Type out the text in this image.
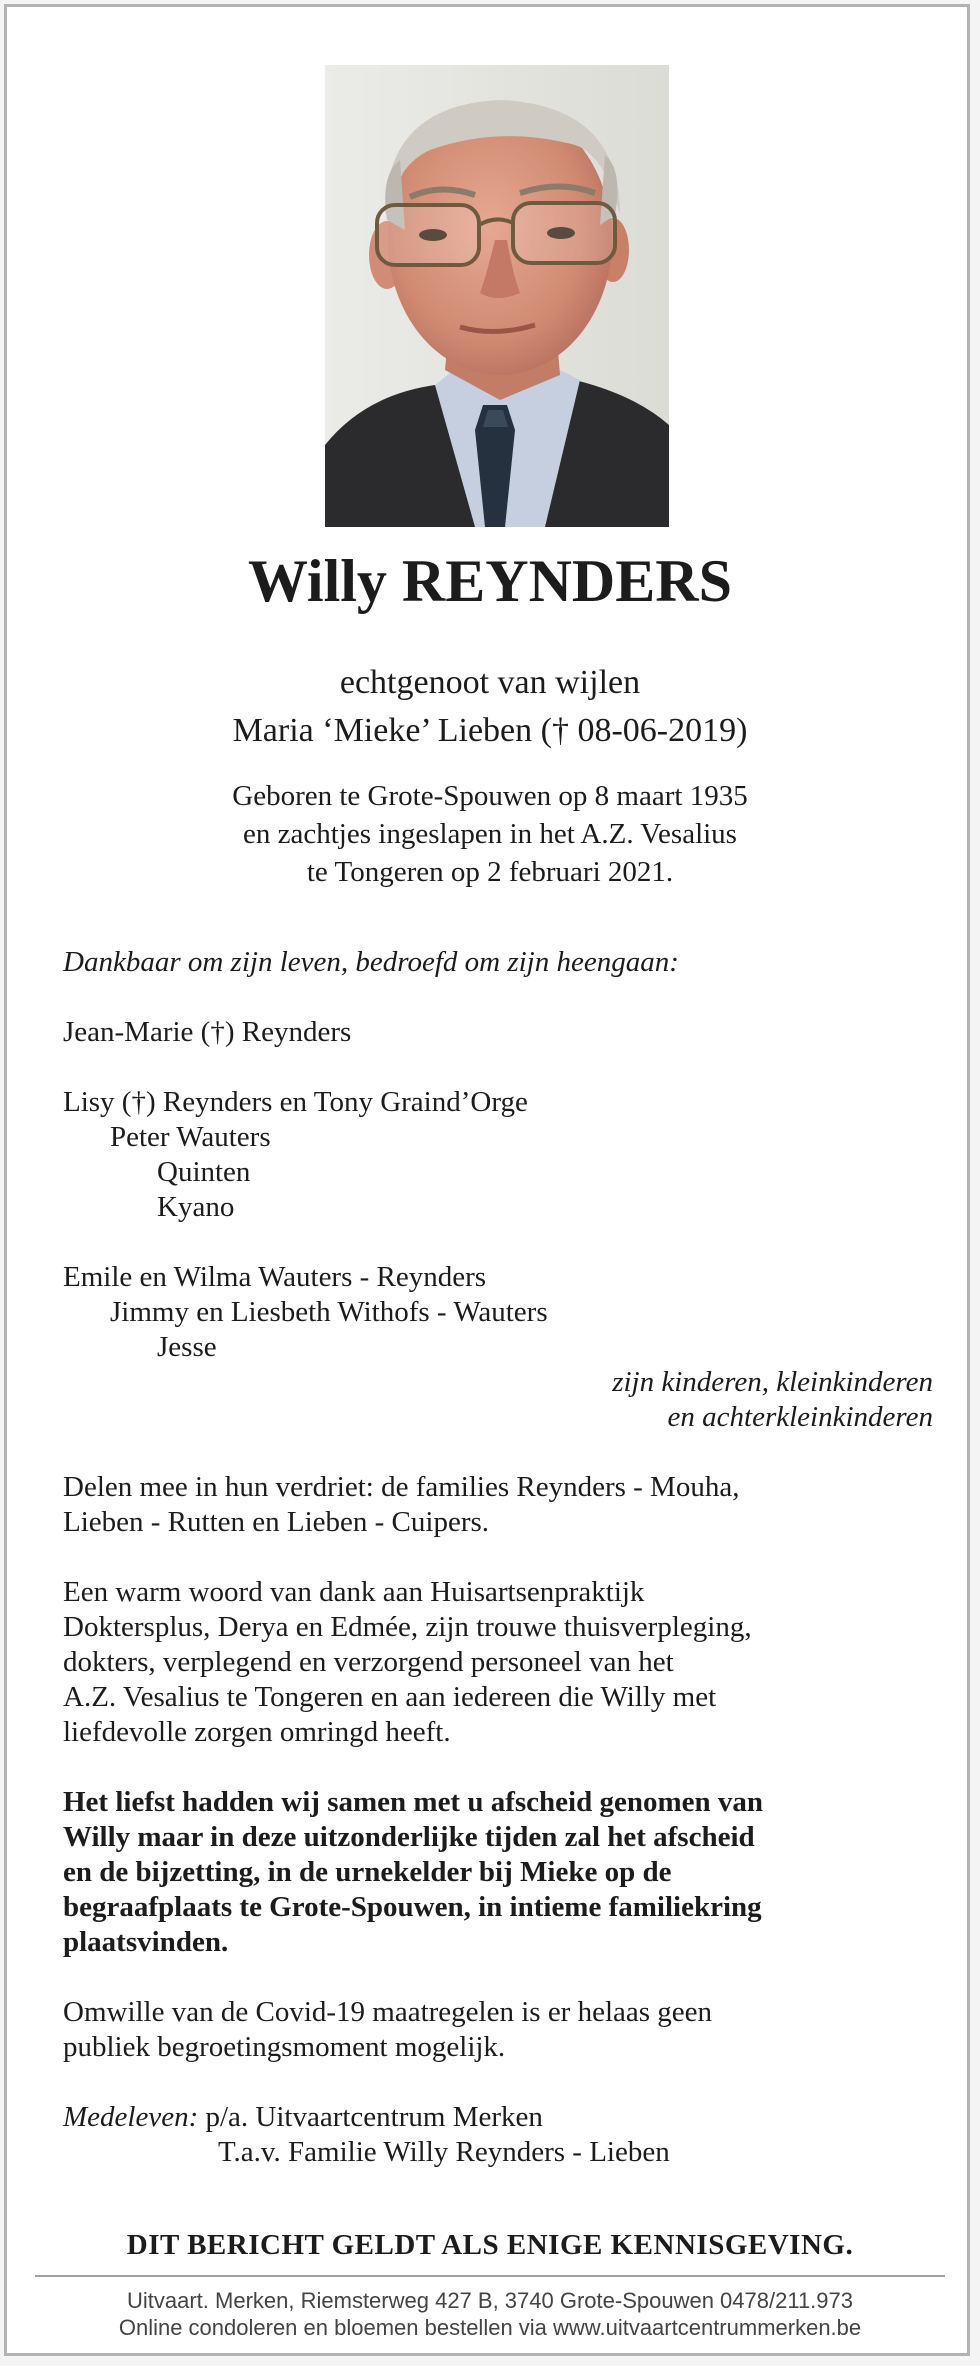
Willy REYNDERS
echtgenoot van wijlen
Maria ‘Mieke’ Lieben († 08-06-2019)
Geboren te Grote-Spouwen op 8 maart 1935
en zachtjes ingeslapen in het A.Z. Vesalius
te Tongeren op 2 februari 2021.
Dankbaar om zijn leven, bedroefd om zijn heengaan:
Jean-Marie (†) Reynders
Lisy (†) Reynders en Tony Graind’Orge
Peter Wauters
Quinten
Kyano
Emile en Wilma Wauters - Reynders
Jimmy en Liesbeth Withofs - Wauters
Jesse
zijn kinderen, kleinkinderen
en achterkleinkinderen
Delen mee in hun verdriet: de families Reynders - Mouha,
Lieben - Rutten en Lieben - Cuipers.
Een warm woord van dank aan Huisartsenpraktijk
Doktersplus, Derya en Edmée, zijn trouwe thuisverpleging,
dokters, verplegend en verzorgend personeel van het
A.Z. Vesalius te Tongeren en aan iedereen die Willy met
liefdevolle zorgen omringd heeft.
Het liefst hadden wij samen met u afscheid genomen van
Willy maar in deze uitzonderlijke tijden zal het afscheid
en de bijzetting, in de urnekelder bij Mieke op de
begraafplaats te Grote-Spouwen, in intieme familiekring
plaatsvinden.
Omwille van de Covid-19 maatregelen is er helaas geen
publiek begroetingsmoment mogelijk.
Medeleven: p/a. Uitvaartcentrum Merken
T.a.v. Familie Willy Reynders - Lieben
DIT BERICHT GELDT ALS ENIGE KENNISGEVING.
Uitvaart. Merken, Riemsterweg 427 B, 3740 Grote-Spouwen 0478/211.973
Online condoleren en bloemen bestellen via www.uitvaartcentrummerken.be
